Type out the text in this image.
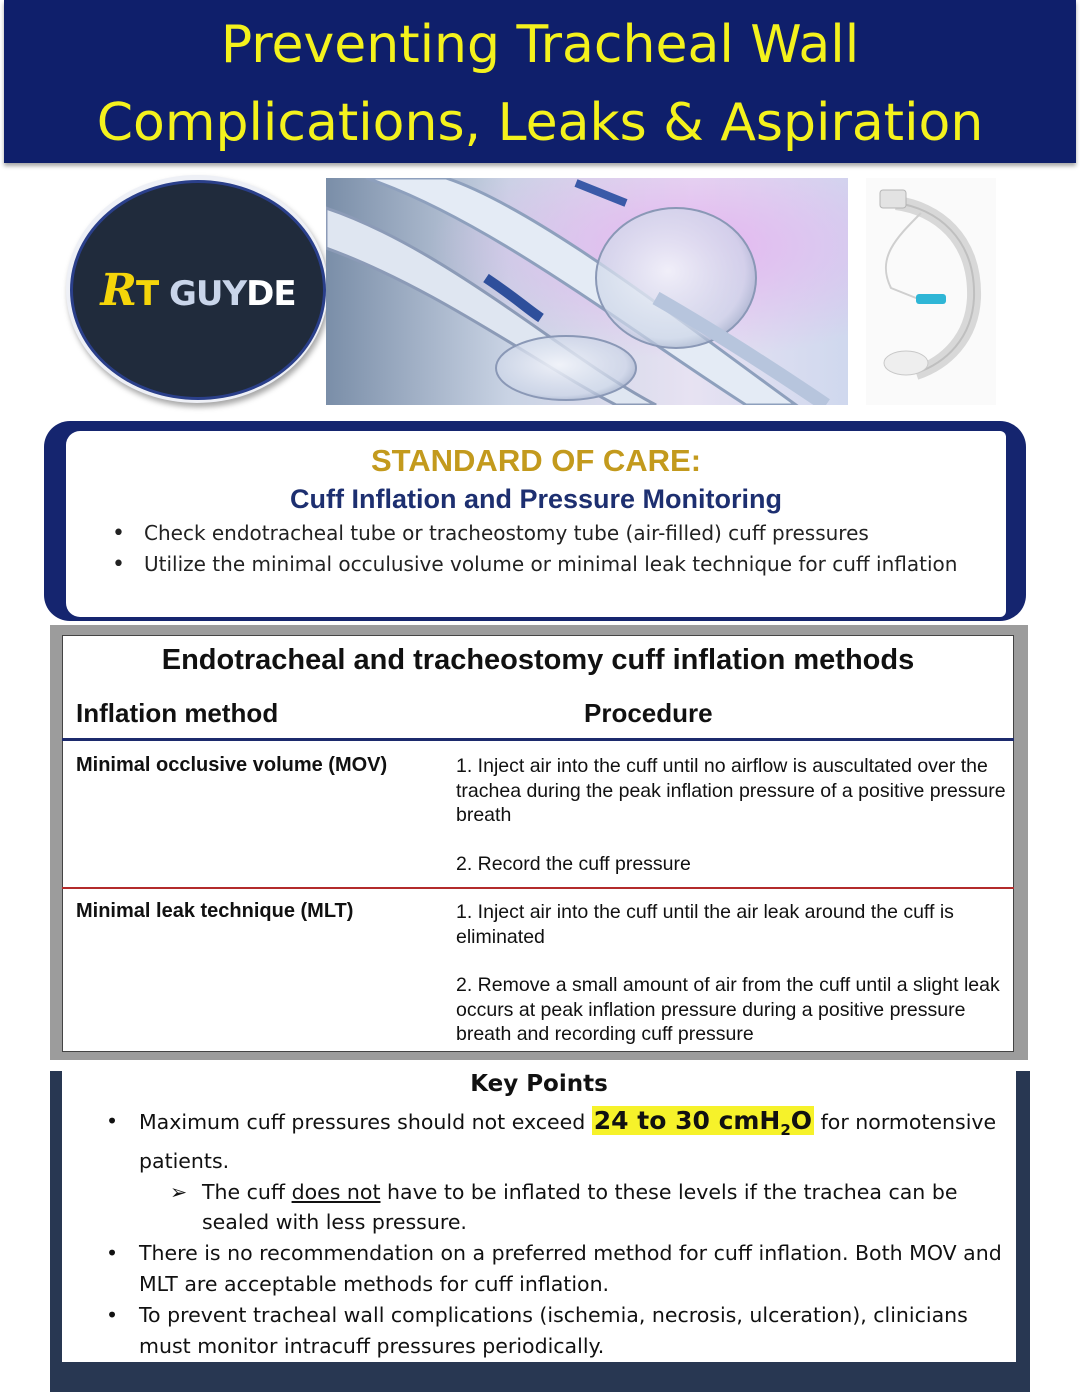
Preventing Tracheal Wall
Complications, Leaks & Aspiration
RT GUYDE
STANDARD OF CARE:
Cuff Inflation and Pressure Monitoring
• Check endotracheal tube or tracheostomy tube (air-filled) cuff pressures
• Utilize the minimal occulusive volume or minimal leak technique for cuff inflation
Endotracheal and tracheostomy cuff inflation methods
Inflation method	Procedure
Minimal occlusive volume (MOV)	1. Inject air into the cuff until no airflow is auscultated over the trachea during the peak inflation pressure of a positive pressure breath

2. Record the cuff pressure

Minimal leak technique (MLT)	1. Inject air into the cuff until the air leak around the cuff is eliminated

2. Remove a small amount of air from the cuff until a slight leak occurs at peak inflation pressure during a positive pressure breath and recording cuff pressure

Key Points
• Maximum cuff pressures should not exceed 24 to 30 cmH$_2$O for normotensive patients.
➢ The cuff does not have to be inflated to these levels if the trachea can be sealed with less pressure.
• There is no recommendation on a preferred method for cuff inflation. Both MOV and MLT are acceptable methods for cuff inflation.
• To prevent tracheal wall complications (ischemia, necrosis, ulceration), clinicians must monitor intracuff pressures periodically.
